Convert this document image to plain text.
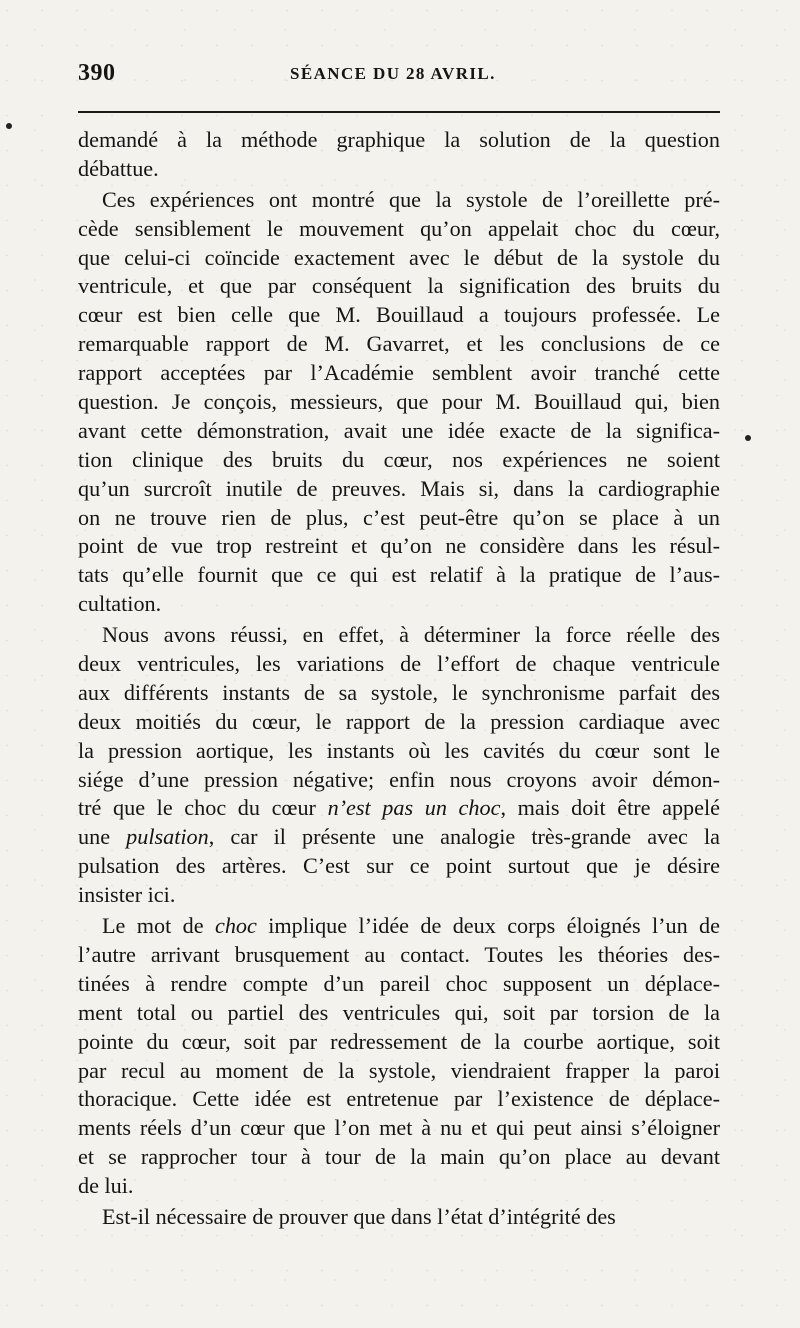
390	SÉANCE DU 28 AVRIL.
demandé à la méthode graphique la solution de la question
débattue.
Ces expériences ont montré que la systole de l’oreillette pré-
cède sensiblement le mouvement qu’on appelait choc du cœur,
que celui-ci coïncide exactement avec le début de la systole du
ventricule, et que par conséquent la signification des bruits du
cœur est bien celle que M. Bouillaud a toujours professée. Le
remarquable rapport de M. Gavarret, et les conclusions de ce
rapport acceptées par l’Académie semblent avoir tranché cette
question. Je conçois, messieurs, que pour M. Bouillaud qui, bien
avant cette démonstration, avait une idée exacte de la significa-
tion clinique des bruits du cœur, nos expériences ne soient
qu’un surcroît inutile de preuves. Mais si, dans la cardiographie
on ne trouve rien de plus, c’est peut-être qu’on se place à un
point de vue trop restreint et qu’on ne considère dans les résul-
tats qu’elle fournit que ce qui est relatif à la pratique de l’aus-
cultation.
Nous avons réussi, en effet, à déterminer la force réelle des
deux ventricules, les variations de l’effort de chaque ventricule
aux différents instants de sa systole, le synchronisme parfait des
deux moitiés du cœur, le rapport de la pression cardiaque avec
la pression aortique, les instants où les cavités du cœur sont le
siége d’une pression négative; enfin nous croyons avoir démon-
tré que le choc du cœur n’est pas un choc, mais doit être appelé
une pulsation, car il présente une analogie très-grande avec la
pulsation des artères. C’est sur ce point surtout que je désire
insister ici.
Le mot de choc implique l’idée de deux corps éloignés l’un de
l’autre arrivant brusquement au contact. Toutes les théories des-
tinées à rendre compte d’un pareil choc supposent un déplace-
ment total ou partiel des ventricules qui, soit par torsion de la
pointe du cœur, soit par redressement de la courbe aortique, soit
par recul au moment de la systole, viendraient frapper la paroi
thoracique. Cette idée est entretenue par l’existence de déplace-
ments réels d’un cœur que l’on met à nu et qui peut ainsi s’éloigner
et se rapprocher tour à tour de la main qu’on place au devant
de lui.
Est-il nécessaire de prouver que dans l’état d’intégrité des
